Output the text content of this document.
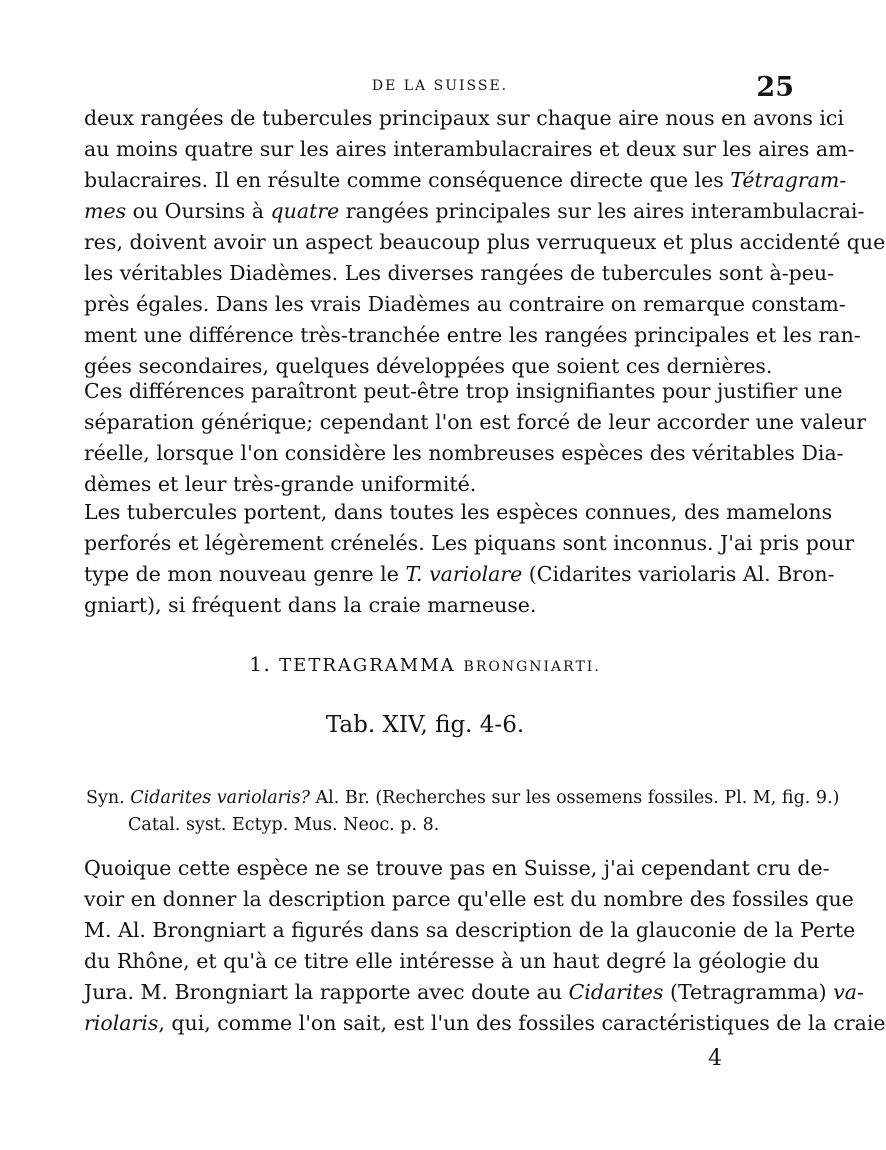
DE LA SUISSE.	25
deux rangées de tubercules principaux sur chaque aire nous en avons ici
au moins quatre sur les aires interambulacraires et deux sur les aires am-
bulacraires. Il en résulte comme conséquence directe que les Tétragram-
mes ou Oursins à quatre rangées principales sur les aires interambulacrai-
res, doivent avoir un aspect beaucoup plus verruqueux et plus accidenté que
les véritables Diadèmes. Les diverses rangées de tubercules sont à-peu-
près égales. Dans les vrais Diadèmes au contraire on remarque constam-
ment une différence très-tranchée entre les rangées principales et les ran-
gées secondaires, quelques développées que soient ces dernières.
Ces différences paraîtront peut-être trop insignifiantes pour justifier une
séparation générique; cependant l'on est forcé de leur accorder une valeur
réelle, lorsque l'on considère les nombreuses espèces des véritables Dia-
dèmes et leur très-grande uniformité.
Les tubercules portent, dans toutes les espèces connues, des mamelons
perforés et légèrement crénelés. Les piquans sont inconnus. J'ai pris pour
type de mon nouveau genre le T. variolare (Cidarites variolaris Al. Bron-
gniart), si fréquent dans la craie marneuse.
1. TETRAGRAMMA BRONGNIARTI.
Tab. XIV, fig. 4-6.
Syn. Cidarites variolaris? Al. Br. (Recherches sur les ossemens fossiles. Pl. M, fig. 9.)
Catal. syst. Ectyp. Mus. Neoc. p. 8.
Quoique cette espèce ne se trouve pas en Suisse, j'ai cependant cru de-
voir en donner la description parce qu'elle est du nombre des fossiles que
M. Al. Brongniart a figurés dans sa description de la glauconie de la Perte
du Rhône, et qu'à ce titre elle intéresse à un haut degré la géologie du
Jura. M. Brongniart la rapporte avec doute au Cidarites (Tetragramma) va-
riolaris, qui, comme l'on sait, est l'un des fossiles caractéristiques de la craie
4
